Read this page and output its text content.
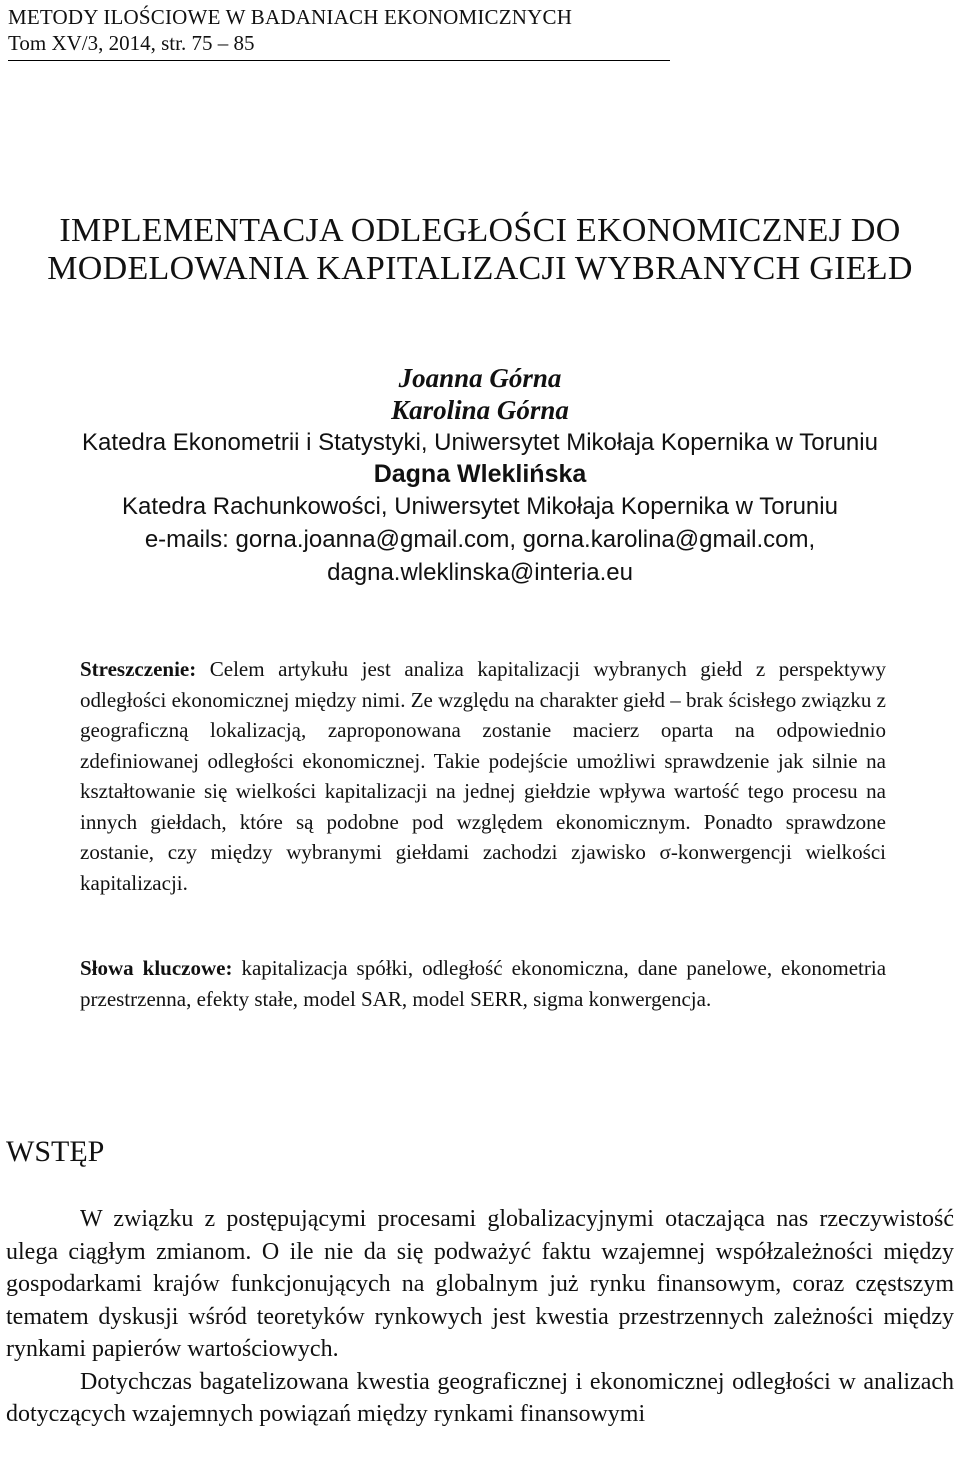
METODY ILOŚCIOWE W BADANIACH EKONOMICZNYCH
Tom XV/3, 2014, str. 75 – 85
IMPLEMENTACJA ODLEGŁOŚCI EKONOMICZNEJ DO
MODELOWANIA KAPITALIZACJI WYBRANYCH GIEŁD
Joanna Górna
Karolina Górna
Katedra Ekonometrii i Statystyki, Uniwersytet Mikołaja Kopernika w Toruniu
Dagna Wleklińska
Katedra Rachunkowości, Uniwersytet Mikołaja Kopernika w Toruniu
e-mails: gorna.joanna@gmail.com, gorna.karolina@gmail.com,
dagna.wleklinska@interia.eu
Streszczenie: Celem artykułu jest analiza kapitalizacji wybranych giełd z perspektywy odległości ekonomicznej między nimi. Ze względu na charakter giełd – brak ścisłego związku z geograficzną lokalizacją, zaproponowana zostanie macierz oparta na odpowiednio zdefiniowanej odległości ekonomicznej. Takie podejście umożliwi sprawdzenie jak silnie na kształtowanie się wielkości kapitalizacji na jednej giełdzie wpływa wartość tego procesu na innych giełdach, które są podobne pod względem ekonomicznym. Ponadto sprawdzone zostanie, czy między wybranymi giełdami zachodzi zjawisko σ-konwergencji wielkości kapitalizacji.
Słowa kluczowe: kapitalizacja spółki, odległość ekonomiczna, dane panelowe, ekonometria przestrzenna, efekty stałe, model SAR, model SERR, sigma konwergencja.
WSTĘP

W związku z postępującymi procesami globalizacyjnymi otaczająca nas rzeczywistość ulega ciągłym zmianom. O ile nie da się podważyć faktu wzajemnej współzależności między gospodarkami krajów funkcjonujących na globalnym już rynku finansowym, coraz częstszym tematem dyskusji wśród teoretyków rynkowych jest kwestia przestrzennych zależności między rynkami papierów wartościowych.

Dotychczas bagatelizowana kwestia geograficznej i ekonomicznej odległości w analizach dotyczących wzajemnych powiązań między rynkami finansowymi
